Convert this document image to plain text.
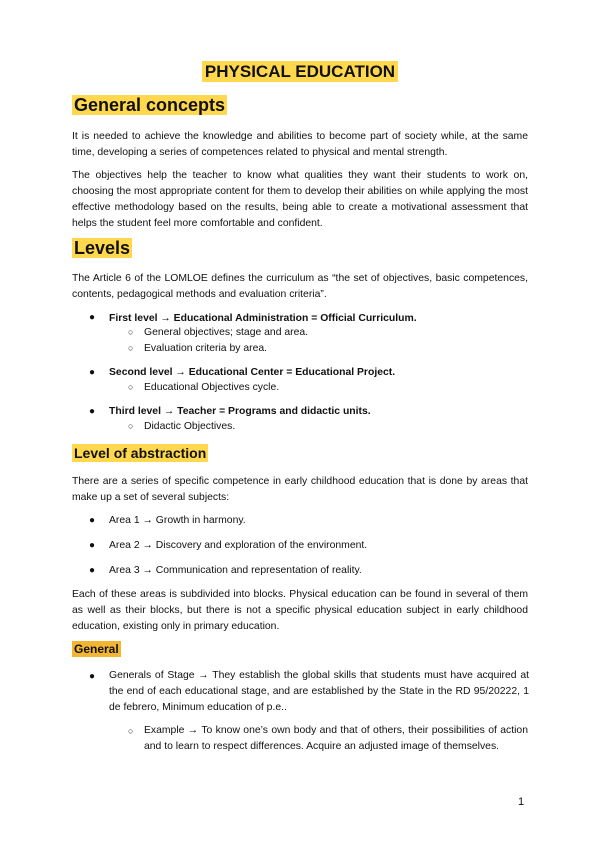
PHYSICAL EDUCATION
General concepts
It is needed to achieve the knowledge and abilities to become part of society while, at the same time, developing a series of competences related to physical and mental strength.
The objectives help the teacher to know what qualities they want their students to work on, choosing the most appropriate content for them to develop their abilities on while applying the most effective methodology based on the results, being able to create a motivational assessment that helps the student feel more comfortable and confident.
Levels
The Article 6 of the LOMLOE defines the curriculum as “the set of objectives, basic competences, contents, pedagogical methods and evaluation criteria”.
● First level → Educational Administration = Official Curriculum.
○ General objectives; stage and area.
○ Evaluation criteria by area.
● Second level → Educational Center = Educational Project.
○ Educational Objectives cycle.
● Third level → Teacher = Programs and didactic units.
○ Didactic Objectives.
Level of abstraction
There are a series of specific competence in early childhood education that is done by areas that make up a set of several subjects:
● Area 1 → Growth in harmony.
● Area 2 → Discovery and exploration of the environment.
● Area 3 → Communication and representation of reality.
Each of these areas is subdivided into blocks. Physical education can be found in several of them as well as their blocks, but there is not a specific physical education subject in early childhood education, existing only in primary education.
General
● Generals of Stage → They establish the global skills that students must have acquired at the end of each educational stage, and are established by the State in the RD 95/20222, 1 de febrero, Minimum education of p.e..
○ Example → To know one’s own body and that of others, their possibilities of action and to learn to respect differences. Acquire an adjusted image of themselves.
1
